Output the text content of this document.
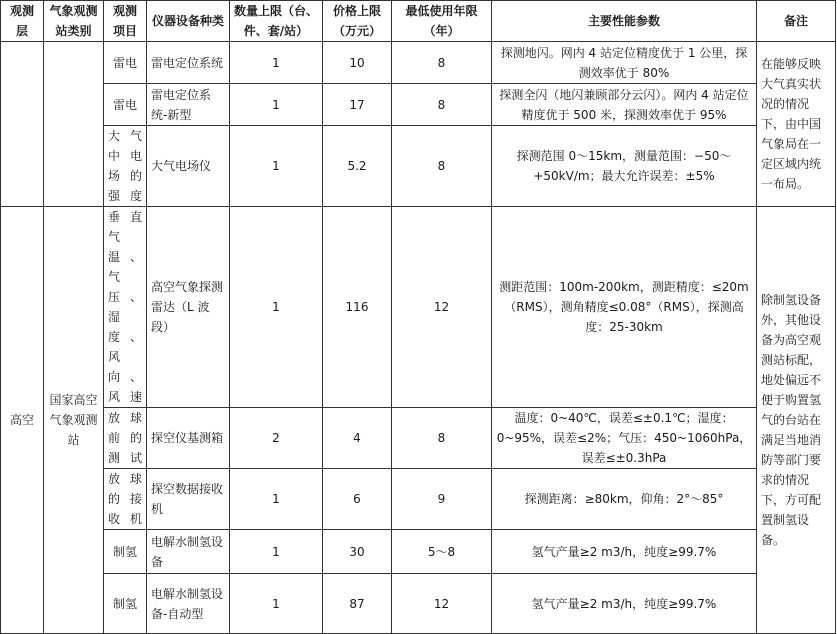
观测层	气象观测站类别	观测项目	仪器设备种类	数量上限（台、件、套/站）	价格上限（万元）	最低使用年限（年）	主要性能参数	备注
		雷电	雷电定位系统	1	10	8	探测地闪。网内 4 站定位精度优于 1 公里，探测效率优于 80%	在能够反映大气真实状况的情况下，由中国气象局在一定区域内统一布局。
		雷电	雷电定位系统-新型	1	17	8	探测全闪（地闪兼顾部分云闪）。网内 4 站定位精度优于 500 米，探测效率优于 95%	
		大气中电场的强度	大气电场仪	1	5.2	8	探测范围 0～15km，测量范围：−50～+50kV/m；最大允许误差：±5%	
高空	国家高空气象观测站	垂直气温、气压、湿度、风向、风速	高空气象探测雷达（L 波段）	1	116	12	测距范围：100m-200km，测距精度：≤20m（RMS），测角精度≤0.08°（RMS），探测高度：25-30km	除制氢设备外，其他设备为高空观测站标配，地处偏远不便于购置氢气的台站在满足当地消防等部门要求的情况下，方可配置制氢设备。
		放球前的测试	探空仪基测箱	2	4	8	温度：0~40℃，误差≤±0.1℃；湿度：0~95%，误差≤2%；气压：450~1060hPa，误差≤±0.3hPa	
		放球的接收机	探空数据接收机	1	6	9	探测距离：≥80km，仰角：2°～85°	
		制氢	电解水制氢设备	1	30	5～8	氢气产量≥2 m3/h，纯度≥99.7%	
		制氢	电解水制氢设备-自动型	1	87	12	氢气产量≥2 m3/h，纯度≥99.7%	
